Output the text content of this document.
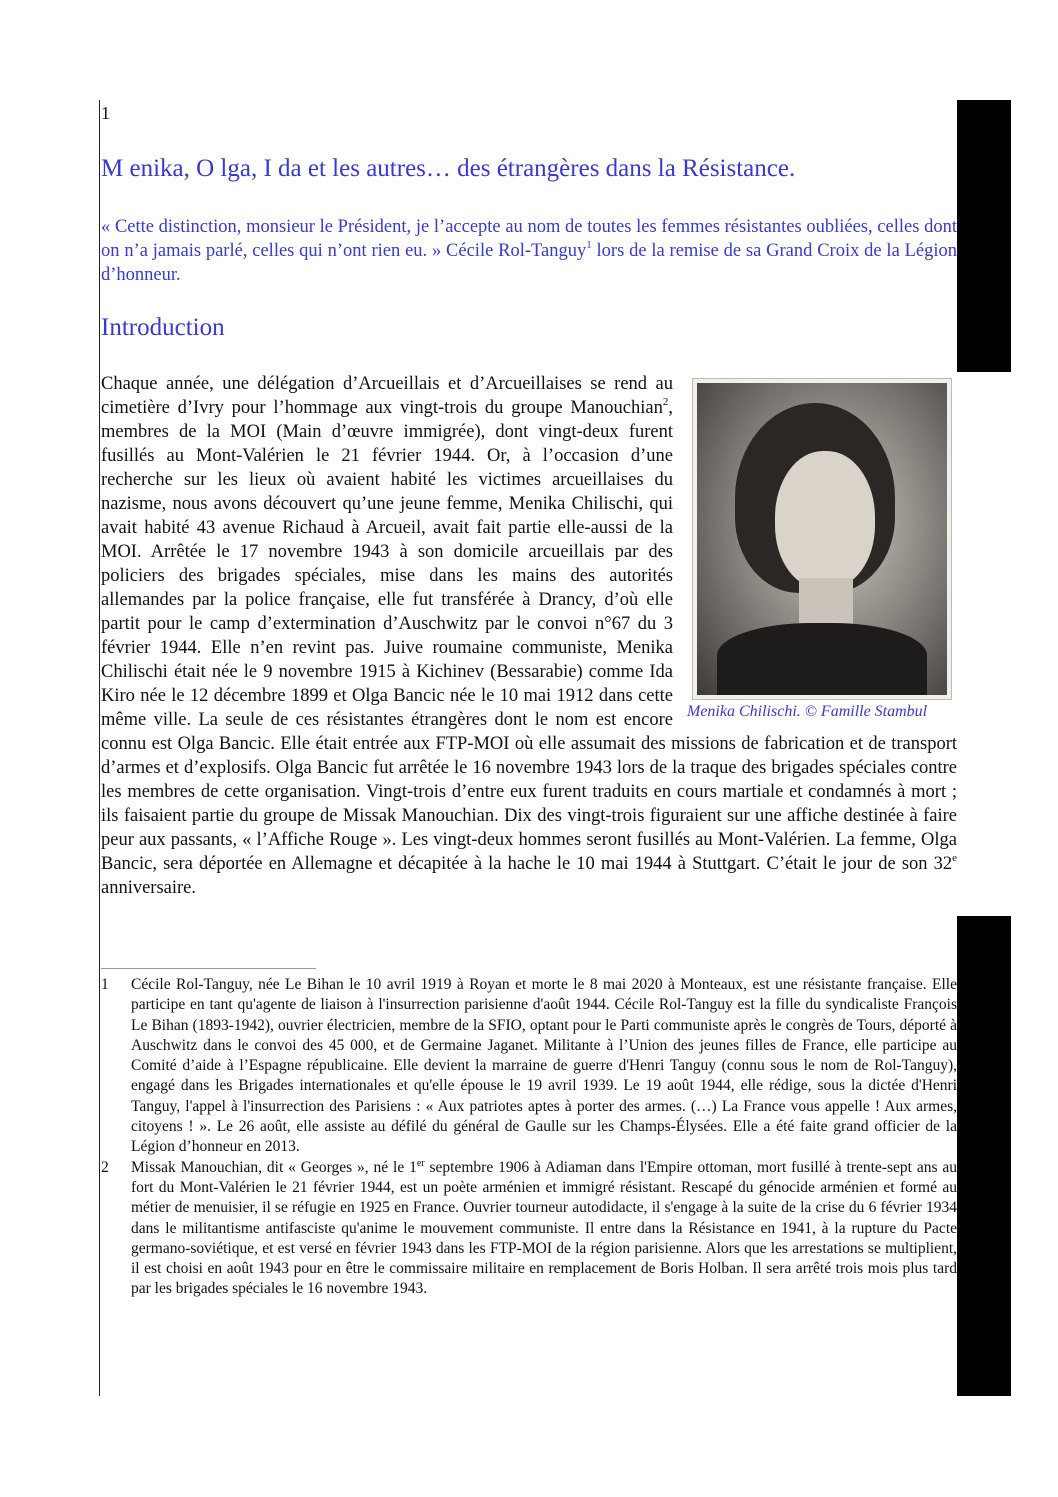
1
M enika, O lga, I da et les autres… des étrangères dans la Résistance.

« Cette distinction, monsieur le Président, je l’accepte au nom de toutes les femmes résistantes oubliées, celles dont on n’a jamais parlé, celles qui n’ont rien eu. » Cécile Rol-Tanguy$^1$ lors de la remise de sa Grand Croix de la Légion d’honneur.

Introduction
Menika Chilischi. © Famille Stambul
Chaque année, une délégation d’Arcueillais et d’Arcueillaises se rend au cimetière d’Ivry pour l’hommage aux vingt-trois du groupe Manouchian$^2$, membres de la MOI (Main d’œuvre immigrée), dont vingt-deux furent fusillés au Mont-Valérien le 21 février 1944. Or, à l’occasion d’une recherche sur les lieux où avaient habité les victimes arcueillaises du nazisme, nous avons découvert qu’une jeune femme, Menika Chilischi, qui avait habité 43 avenue Richaud à Arcueil, avait fait partie elle-aussi de la MOI. Arrêtée le 17 novembre 1943 à son domicile arcueillais par des policiers des brigades spéciales, mise dans les mains des autorités allemandes par la police française, elle fut transférée à Drancy, d’où elle partit pour le camp d’extermination d’Auschwitz par le convoi n°67 du 3 février 1944. Elle n’en revint pas. Juive roumaine communiste, Menika Chilischi était née le 9 novembre 1915 à Kichinev (Bessarabie) comme Ida Kiro née le 12 décembre 1899 et Olga Bancic née le 10 mai 1912 dans cette même ville. La seule de ces résistantes étrangères dont le nom est encore connu est Olga Bancic. Elle était entrée aux FTP-MOI où elle assumait des missions de fabrication et de transport d’armes et d’explosifs. Olga Bancic fut arrêtée le 16 novembre 1943 lors de la traque des brigades spéciales contre les membres de cette organisation. Vingt-trois d’entre eux furent traduits en cours martiale et condamnés à mort ; ils faisaient partie du groupe de Missak Manouchian. Dix des vingt-trois figuraient sur une affiche destinée à faire peur aux passants, « l’Affiche Rouge ». Les vingt-deux hommes seront fusillés au Mont-Valérien. La femme, Olga Bancic, sera déportée en Allemagne et décapitée à la hache le 10 mai 1944 à Stuttgart. C’était le jour de son 32e anniversaire.

1 Cécile Rol-Tanguy, née Le Bihan le 10 avril 1919 à Royan et morte le 8 mai 2020 à Monteaux, est une résistante française. Elle participe en tant qu'agente de liaison à l'insurrection parisienne d'août 1944. Cécile Rol-Tanguy est la fille du syndicaliste François Le Bihan (1893-1942), ouvrier électricien, membre de la SFIO, optant pour le Parti communiste après le congrès de Tours, déporté à Auschwitz dans le convoi des 45 000, et de Germaine Jaganet. Militante à l’Union des jeunes filles de France, elle participe au Comité d’aide à l’Espagne républicaine. Elle devient la marraine de guerre d'Henri Tanguy (connu sous le nom de Rol-Tanguy), engagé dans les Brigades internationales et qu'elle épouse le 19 avril 1939. Le 19 août 1944, elle rédige, sous la dictée d'Henri Tanguy, l'appel à l'insurrection des Parisiens : « Aux patriotes aptes à porter des armes. (…) La France vous appelle ! Aux armes, citoyens ! ». Le 26 août, elle assiste au défilé du général de Gaulle sur les Champs-Élysées. Elle a été faite grand officier de la Légion d’honneur en 2013.

2 Missak Manouchian, dit « Georges », né le 1er septembre 1906 à Adiaman dans l'Empire ottoman, mort fusillé à trente-sept ans au fort du Mont-Valérien le 21 février 1944, est un poète arménien et immigré résistant. Rescapé du génocide arménien et formé au métier de menuisier, il se réfugie en 1925 en France. Ouvrier tourneur autodidacte, il s'engage à la suite de la crise du 6 février 1934 dans le militantisme antifasciste qu'anime le mouvement communiste. Il entre dans la Résistance en 1941, à la rupture du Pacte germano-soviétique, et est versé en février 1943 dans les FTP-MOI de la région parisienne. Alors que les arrestations se multiplient, il est choisi en août 1943 pour en être le commissaire militaire en remplacement de Boris Holban. Il sera arrêté trois mois plus tard par les brigades spéciales le 16 novembre 1943.
